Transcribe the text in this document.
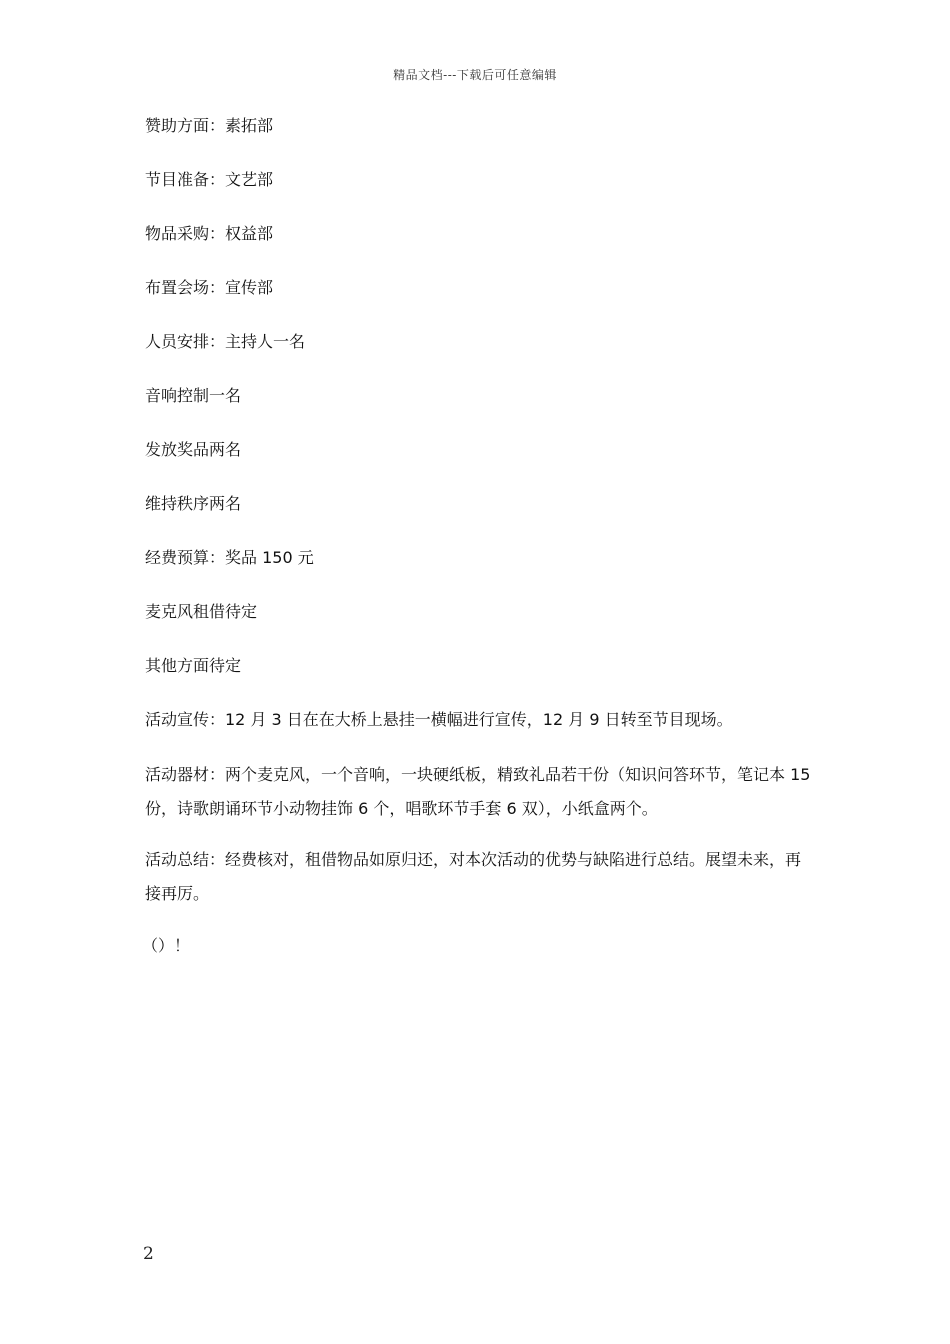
精品文档---下载后可任意编辑
赞助方面：素拓部
节目准备：文艺部
物品采购：权益部
布置会场：宣传部
人员安排：主持人一名
音响控制一名
发放奖品两名
维持秩序两名
经费预算：奖品 150 元
麦克风租借待定
其他方面待定
活动宣传：12 月 3 日在在大桥上悬挂一横幅进行宣传，12 月 9 日转至节目现场。
活动器材：两个麦克风，一个音响，一块硬纸板，精致礼品若干份（知识问答环节，笔记本 15 份，诗歌朗诵环节小动物挂饰 6 个，唱歌环节手套 6 双），小纸盒两个。
活动总结：经费核对，租借物品如原归还，对本次活动的优势与缺陷进行总结。展望未来，再接再厉。
（）！
2
